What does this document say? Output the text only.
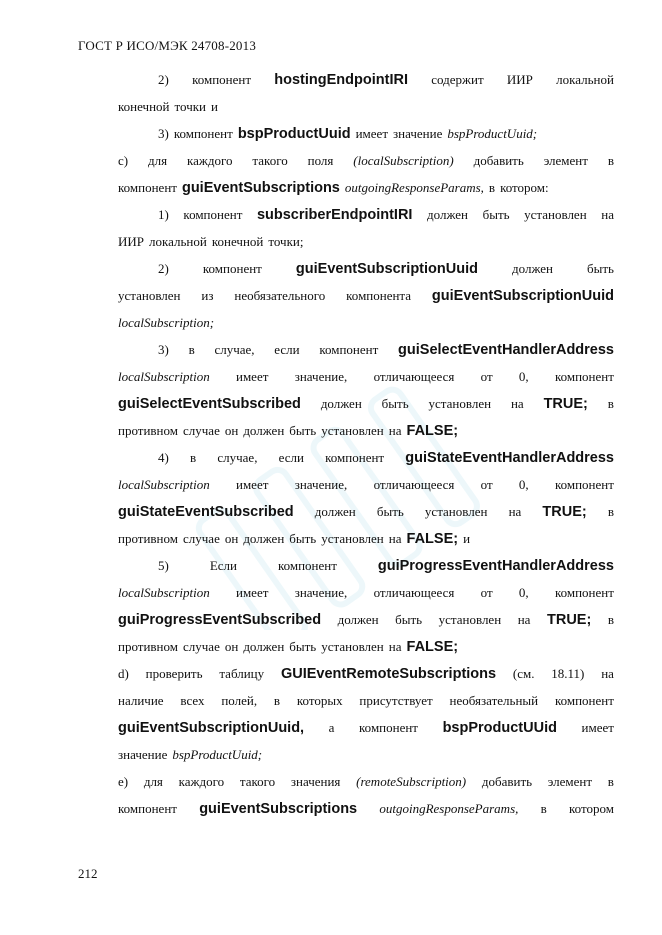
ГОСТ Р ИСО/МЭК 24708-2013
2) компонент hostingEndpointIRI содержит ИИР локальной
конечной точки и
3) компонент bspProductUuid имеет значение bspProductUuid;
c) для каждого такого поля (localSubscription) добавить элемент в
компонент guiEventSubscriptions outgoingResponseParams, в котором:
1) компонент subscriberEndpointIRI должен быть установлен на
ИИР локальной конечной точки;
2)	компонент guiEventSubscriptionUuid	должен	быть
установлен из необязательного компонента guiEventSubscriptionUuid
localSubscription;
3) в случае, если компонент guiSelectEventHandlerAddress
localSubscription имеет значение, отличающееся от 0, компонент
guiSelectEventSubscribed должен быть установлен на TRUE; в
противном случае он должен быть установлен на FALSE;
4) в случае, если компонент guiStateEventHandlerAddress
localSubscription имеет значение, отличающееся от 0, компонент
guiStateEventSubscribed должен быть установлен на TRUE; в
противном случае он должен быть установлен на FALSE; и
5)	Если	компонент	guiProgressEventHandlerAddress
localSubscription имеет значение, отличающееся от 0, компонент
guiProgressEventSubscribed должен быть установлен на TRUE; в
противном случае он должен быть установлен на FALSE;
d) проверить таблицу GUIEventRemoteSubscriptions (см. 18.11) на
наличие всех полей, в которых присутствует необязательный компонент
guiEventSubscriptionUuid, а компонент bspProductUUid имеет
значение bspProductUuid;
e) для каждого такого значения (remoteSubscription) добавить элемент в
компонент guiEventSubscriptions outgoingResponseParams, в котором
212
